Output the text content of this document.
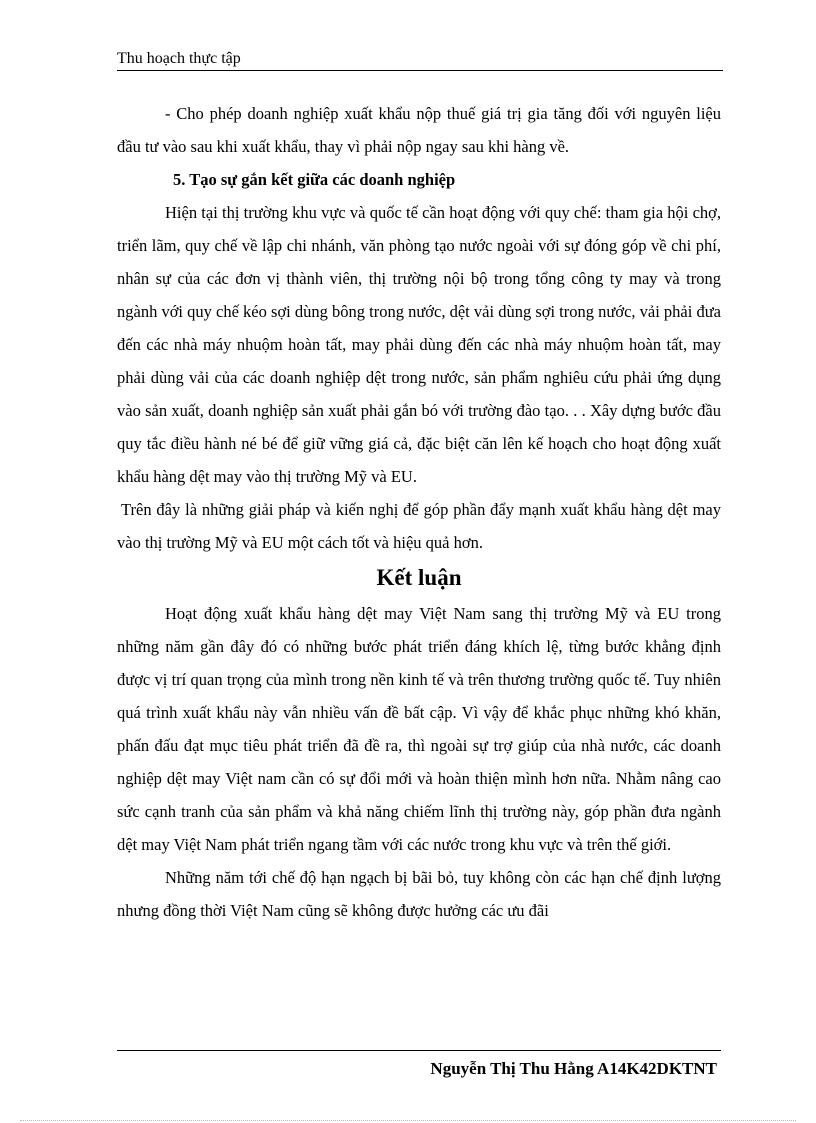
Thu hoạch thực tập

- Cho phép doanh nghiệp xuất khẩu nộp thuế giá trị gia tăng đối với nguyên liệu đầu tư vào sau khi xuất khẩu, thay vì phải nộp ngay sau khi hàng về.

5. Tạo sự gắn kết giữa các doanh nghiệp

Hiện tại thị trường khu vực và quốc tế cần hoạt động với quy chế: tham gia hội chợ, triển lãm, quy chế về lập chi nhánh, văn phòng tạo nước ngoài với sự đóng góp về chi phí, nhân sự của các đơn vị thành viên, thị trường nội bộ trong tổng công ty may và trong ngành với quy chế kéo sợi dùng bông trong nước, dệt vải dùng sợi trong nước, vải phải đưa đến các nhà máy nhuộm hoàn tất, may phải dùng đến các nhà máy nhuộm hoàn tất, may phải dùng vải của các doanh nghiệp dệt trong nước, sản phẩm nghiêu cứu phải ứng dụng vào sản xuất, doanh nghiệp sản xuất phải gắn bó với trường đào tạo. . . Xây dựng bước đầu quy tắc điều hành né bé để giữ vững giá cả, đặc biệt căn lên kế hoạch cho hoạt động xuất khẩu hàng dệt may vào thị trường Mỹ và EU.

Trên đây là những giải pháp và kiến nghị để góp phần đẩy mạnh xuất khẩu hàng dệt may vào thị trường Mỹ và EU một cách tốt và hiệu quả hơn.

Kết luận

Hoạt động xuất khẩu hàng dệt may Việt Nam sang thị trường Mỹ và EU trong những năm gần đây đó có những bước phát triển đáng khích lệ, từng bước khẳng định được vị trí quan trọng của mình trong nền kinh tế và trên thương trường quốc tế. Tuy nhiên quá trình xuất khẩu này vẫn nhiều vấn đề bất cập. Vì vậy để khắc phục những khó khăn, phấn đấu đạt mục tiêu phát triển đã đề ra, thì ngoài sự trợ giúp của nhà nước, các doanh nghiệp dệt may Việt nam cần có sự đổi mới và hoàn thiện mình hơn nữa. Nhằm nâng cao sức cạnh tranh của sản phẩm và khả năng chiếm lĩnh thị trường này, góp phần đưa ngành dệt may Việt Nam phát triển ngang tầm với các nước trong khu vực và trên thế giới.

Những năm tới chế độ hạn ngạch bị bãi bỏ, tuy không còn các hạn chế định lượng nhưng đồng thời Việt Nam cũng sẽ không được hưởng các ưu đãi

Nguyễn Thị Thu Hằng A14K42DKTNT
